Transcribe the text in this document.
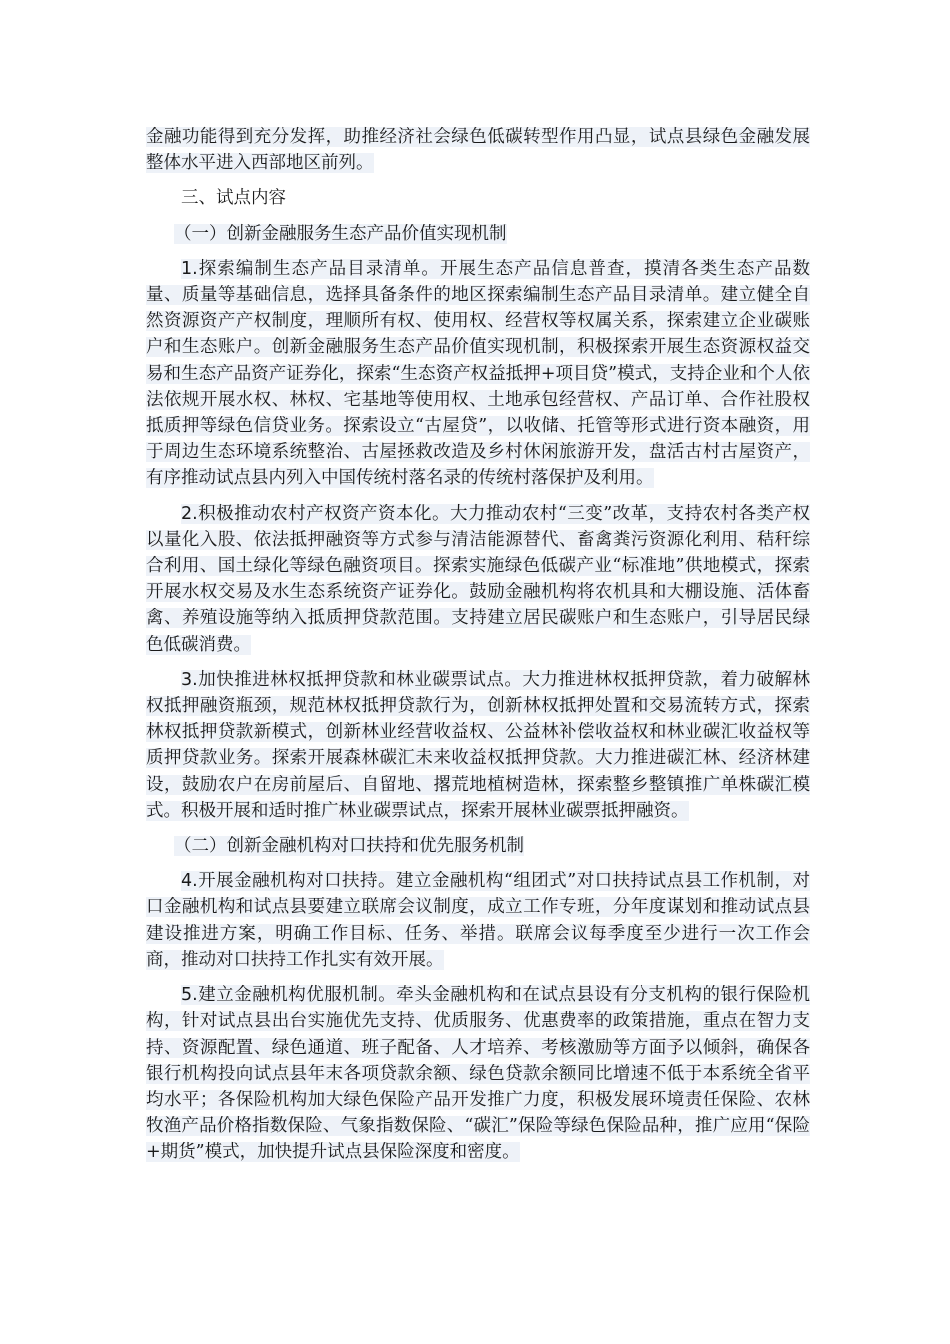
金融功能得到充分发挥，助推经济社会绿色低碳转型作用凸显，试点县绿色金融发展整体水平进入西部地区前列。

三、试点内容
（一）创新金融服务生态产品价值实现机制

1.探索编制生态产品目录清单。开展生态产品信息普查，摸清各类生态产品数量、质量等基础信息，选择具备条件的地区探索编制生态产品目录清单。建立健全自然资源资产产权制度，理顺所有权、使用权、经营权等权属关系，探索建立企业碳账户和生态账户。创新金融服务生态产品价值实现机制，积极探索开展生态资源权益交易和生态产品资产证券化，探索“生态资产权益抵押+项目贷”模式，支持企业和个人依法依规开展水权、林权、宅基地等使用权、土地承包经营权、产品订单、合作社股权抵质押等绿色信贷业务。探索设立“古屋贷”，以收储、托管等形式进行资本融资，用于周边生态环境系统整治、古屋拯救改造及乡村休闲旅游开发，盘活古村古屋资产，有序推动试点县内列入中国传统村落名录的传统村落保护及利用。

2.积极推动农村产权资产资本化。大力推动农村“三变”改革，支持农村各类产权以量化入股、依法抵押融资等方式参与清洁能源替代、畜禽粪污资源化利用、秸秆综合利用、国土绿化等绿色融资项目。探索实施绿色低碳产业“标准地”供地模式，探索开展水权交易及水生态系统资产证券化。鼓励金融机构将农机具和大棚设施、活体畜禽、养殖设施等纳入抵质押贷款范围。支持建立居民碳账户和生态账户，引导居民绿色低碳消费。

3.加快推进林权抵押贷款和林业碳票试点。大力推进林权抵押贷款，着力破解林权抵押融资瓶颈，规范林权抵押贷款行为，创新林权抵押处置和交易流转方式，探索林权抵押贷款新模式，创新林业经营收益权、公益林补偿收益权和林业碳汇收益权等质押贷款业务。探索开展森林碳汇未来收益权抵押贷款。大力推进碳汇林、经济林建设，鼓励农户在房前屋后、自留地、撂荒地植树造林，探索整乡整镇推广单株碳汇模式。积极开展和适时推广林业碳票试点，探索开展林业碳票抵押融资。

（二）创新金融机构对口扶持和优先服务机制

4.开展金融机构对口扶持。建立金融机构“组团式”对口扶持试点县工作机制，对口金融机构和试点县要建立联席会议制度，成立工作专班，分年度谋划和推动试点县建设推进方案，明确工作目标、任务、举措。联席会议每季度至少进行一次工作会商，推动对口扶持工作扎实有效开展。

5.建立金融机构优服机制。牵头金融机构和在试点县设有分支机构的银行保险机构，针对试点县出台实施优先支持、优质服务、优惠费率的政策措施，重点在智力支持、资源配置、绿色通道、班子配备、人才培养、考核激励等方面予以倾斜，确保各银行机构投向试点县年末各项贷款余额、绿色贷款余额同比增速不低于本系统全省平均水平；各保险机构加大绿色保险产品开发推广力度，积极发展环境责任保险、农林牧渔产品价格指数保险、气象指数保险、“碳汇”保险等绿色保险品种，推广应用“保险+期货”模式，加快提升试点县保险深度和密度。
